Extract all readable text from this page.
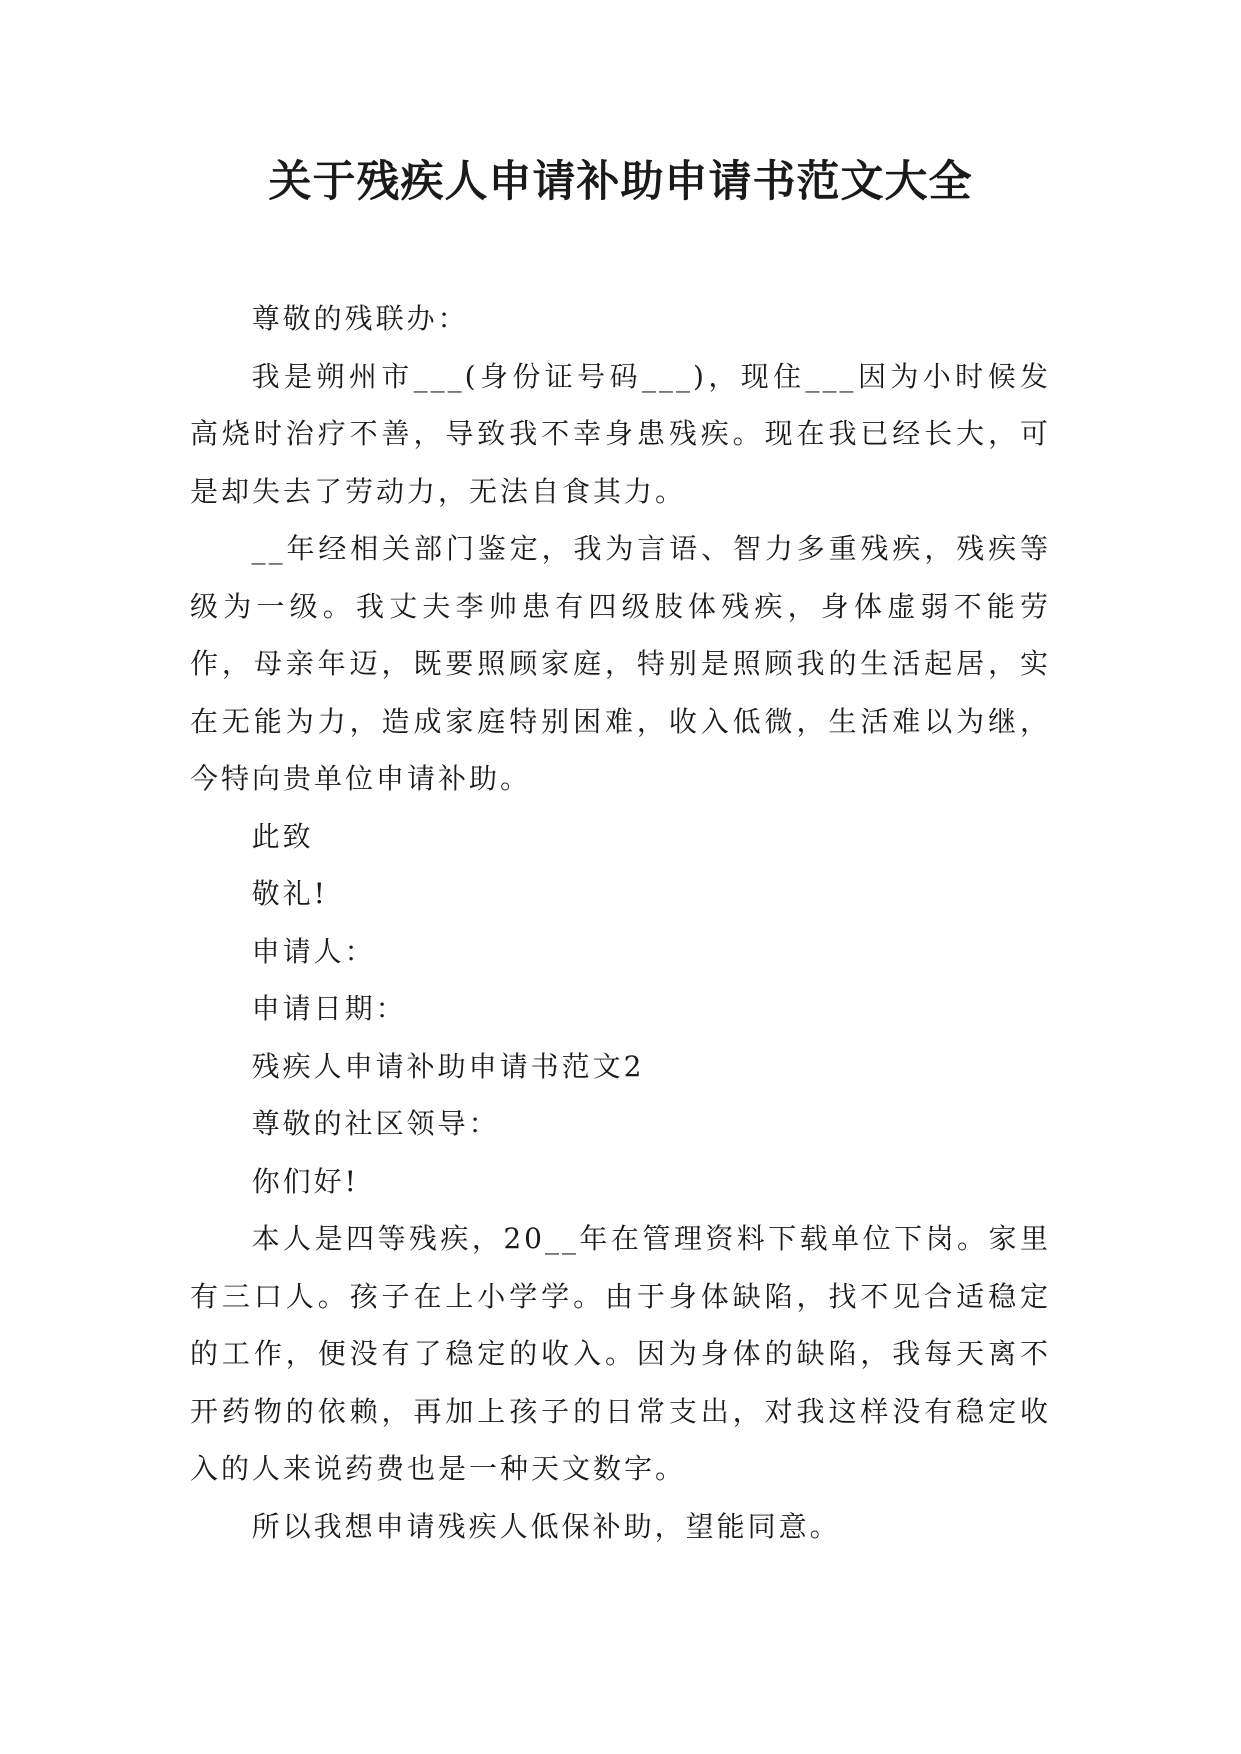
关于残疾人申请补助申请书范文大全

尊敬的残联办：

我是朔州市___(身份证号码___)，现住___因为小时候发高烧时治疗不善，导致我不幸身患残疾。现在我已经长大，可是却失去了劳动力，无法自食其力。

__年经相关部门鉴定，我为言语、智力多重残疾，残疾等级为一级。我丈夫李帅患有四级肢体残疾，身体虚弱不能劳作，母亲年迈，既要照顾家庭，特别是照顾我的生活起居，实在无能为力，造成家庭特别困难，收入低微，生活难以为继，今特向贵单位申请补助。

此致

敬礼!

申请人：

申请日期：

残疾人申请补助申请书范文2

尊敬的社区领导：

你们好!

本人是四等残疾，20__年在管理资料下载单位下岗。家里有三口人。孩子在上小学学。由于身体缺陷，找不见合适稳定的工作，便没有了稳定的收入。因为身体的缺陷，我每天离不开药物的依赖，再加上孩子的日常支出，对我这样没有稳定收入的人来说药费也是一种天文数字。

所以我想申请残疾人低保补助，望能同意。
